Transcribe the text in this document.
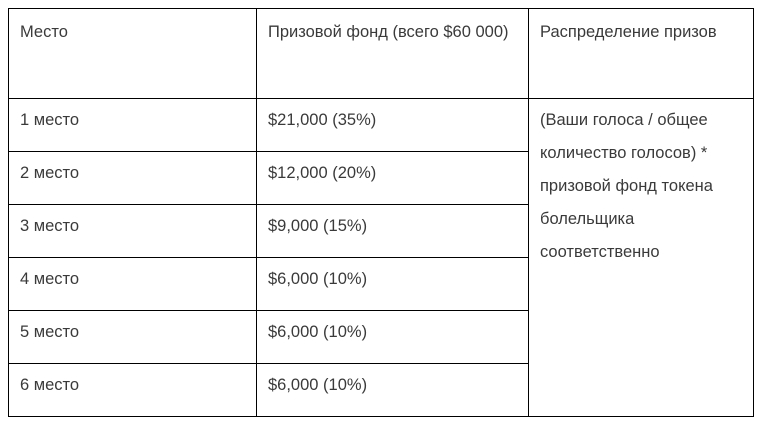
Место	Призовой фонд (всего $60 000)	Распределение призов
1 место	$21,000 (35%)	(Ваши голоса / общее количество голосов) * призовой фонд токена болельщика соответственно
2 место	$12,000 (20%)	
3 место	$9,000 (15%)	
4 место	$6,000 (10%)	
5 место	$6,000 (10%)	
6 место	$6,000 (10%)	
